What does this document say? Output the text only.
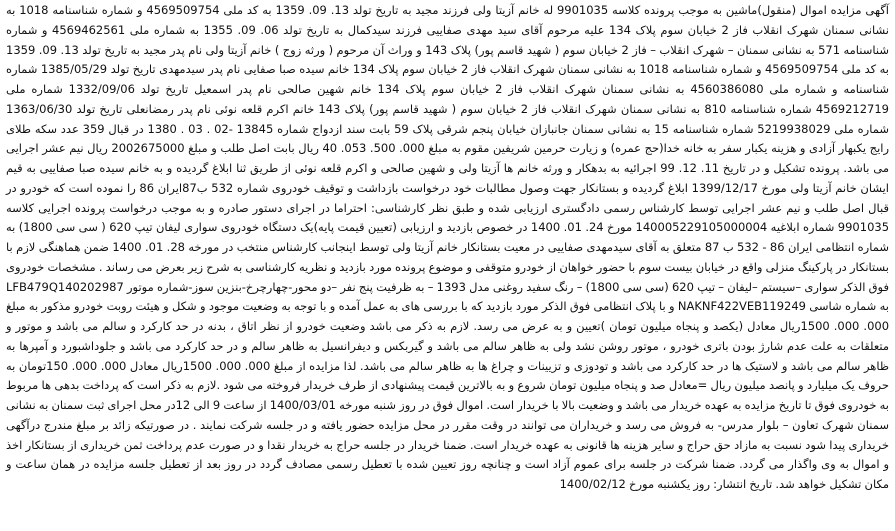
آگهی مزایده اموال (منقول)ماشین به موجب پرونده کلاسه 9901035 له خانم آزیتا ولی فرزند مجید به تاریخ تولد 13. 09. 1359 به کد ملی 4569509754 و شماره شناسنامه 1018 به نشانی سمنان شهرک انقلاب فاز 2 خیابان سوم پلاک 134 علیه مرحوم آقای سید مهدی صفاییی فرزند سیدکمال به تاریخ تولد 06. 09. 1355 به شماره ملی 4569462561 و شماره شناسنامه 571 به نشانی سمنان – شهرک انقلاب – فاز 2 خیابان سوم ( شهید قاسم پور) پلاک 143 و وراث آن مرحوم ( ورثه زوج ) خانم آزیتا ولی نام پدر مجید به تاریخ تولد 13. 09. 1359 به کد ملی 4569509754 و شماره شناسنامه 1018 به نشانی سمنان شهرک انقلاب فاز 2 خیابان سوم پلاک 134 خانم سیده صبا صفایی نام پدر سیدمهدی تاریخ تولد 1385/05/29 شماره شناسنامه و شماره ملی 4560386080 به نشانی سمنان شهرک انقلاب فاز 2 خیابان سوم پلاک 134 خانم شهین صالحی نام پدر اسمعیل تاریخ تولد 1332/09/06 شماره ملی 4569212719 شماره شناسنامه 810 به نشانی سمنان شهرک انقلاب فاز 2 خیابان سوم ( شهید قاسم پور) پلاک 143 خانم اکرم قلعه نوئی نام پدر رمضانعلی تاریخ تولد 1363/06/30 شماره ملی 5219938029 شماره شناسنامه 15 به نشانی سمنان جانبازان خیابان پنجم شرقی پلاک 59 بابت سند ازدواج شماره 13845 -02 . 03 . 1380 در قبال 359 عدد سکه طلای رایج یکبهار آزادی و هزینه یکبار سفر به خانه خدا(حج عمره) و زیارت حرمین شریفین مقوم به مبلغ 000. 500. 053. 40 ریال بابت اصل طلب و مبلغ 2002675000 ریال نیم عشر اجرایی می باشد. پرونده تشکیل و در تاریخ 11. 12. 99 اجرائیه به بدهکار و ورثه خانم ها آزیتا ولی و شهین صالحی و اکرم قلعه نوئی از طریق ثنا ابلاغ گردیده و به خانم سیده صبا صفاییی به قیم ایشان خانم آزیتا ولی مورخ 1399/12/17 ابلاغ گردیده و بستانکار جهت وصول مطالبات خود درخواست بازداشت و توقیف خودروی شماره 532 ب87ایران 86 را نموده است که خودرو در قبال اصل طلب و نیم عشر اجرایی توسط کارشناس رسمی دادگستری ارزیابی شده و طبق نظر کارشناسی: احتراما در اجرای دستور صادره و به موجب درخواست پرونده اجرایی کلاسه 9901035 شماره ابلاغیه 140005229105000004 مورخ 24. 01. 1400 در خصوص بازدید و ارزیابی (تعیین قیمت پایه)یک دستگاه خودروی سواری لیفان تیپ 620 ( سی سی 1800) به شماره انتظامی ایران 86 - 532 ب 87 متعلق به آقای سیدمهدی صفاییی در معیت بستانکار خانم آزیتا ولی توسط اینجانب کارشناس منتخب در مورخه 28. 01. 1400 ضمن هماهنگی لازم با بستانکار در پارکینگ منزلی واقع در خیابان بیست سوم با حضور خواهان از خودرو متوقفی و موضوع پرونده مورد بازدید و نظریه کارشناسی به شرح زیر بعرض می رساند . مشخصات خودروی فوق الذکر سواری –سیستم –لیفان – تیپ 620 (سی سی 1800) – رنگ سفید روغنی مدل 1393 – به ظرفیت پنج نفر –دو محور-چهارچرخ-بنزین سوز-شماره موتور LFB479Q140202987 به شماره شاسی NAKNF422VEB119249 و با پلاک انتظامی فوق الذکر مورد بازدید که با بررسی های به عمل آمده و با توجه به وضعیت موجود و شکل و هیئت روبت خودرو مذکور به مبلغ 000. 000. 1500ریال معادل (یکصد و پنجاه میلیون تومان )تعیین و به عرض می رسد. لازم به ذکر می باشد وضعیت خودرو از نظر اتاق ، بدنه در حد کارکرد و سالم می باشد و موتور و متعلقات به علت عدم شارژ بودن باتری خودرو ، موتور روشن نشد ولی به ظاهر سالم می باشد و گیربکس و دیفرانسیل به ظاهر سالم و در حد کارکرد می باشد و جلوداشبورد و آمپرها به ظاهر سالم می باشد و لاستیک ها در حد کارکرد می باشد و تودوزی و تزیینات و چراغ ها به ظاهر سالم می باشد. لذا مزایده از مبلغ 000. 000. 1500ریال معادل 000. 000. 150تومان به حروف یک میلیارد و پانصد میلیون ریال =معادل صد و پنجاه میلیون تومان شروع و به بالاترین قیمت پیشنهادی از طرف خریدار فروخته می شود .لازم به ذکر است که پرداخت بدهی ها مربوط به خودروی فوق تا تاریخ مزایده به عهده خریدار می باشد و وضعیت بالا با خریدار است. اموال فوق در روز شنبه مورخه 1400/03/01 از ساعت 9 الی 12در محل اجرای ثبت سمنان به نشانی سمنان شهرک تعاون – بلوار مدرس- به فروش می رسد و خریداران می توانند در وقت مقرر در محل مزایده حضور یافته و در جلسه شرکت نمایند . در صورتیکه زائد بر مبلغ مندرج درآگهی خریداری پیدا شود نسبت به مازاد حق حراج و سایر هزینه ها قانونی به عهده خریدار است. ضمنا خریدار در جلسه حراج به خریدار نقدا و در صورت عدم پرداخت ثمن خریداری از بستانکار اخذ و اموال به وی واگذار می گردد. ضمنا شرکت در جلسه برای عموم آزاد است و چنانچه روز تعیین شده با تعطیل رسمی مصادف گردد در روز بعد از تعطیل جلسه مزایده در همان ساعت و مکان تشکیل خواهد شد. تاریخ انتشار: روز یکشنبه مورخ 1400/02/12
